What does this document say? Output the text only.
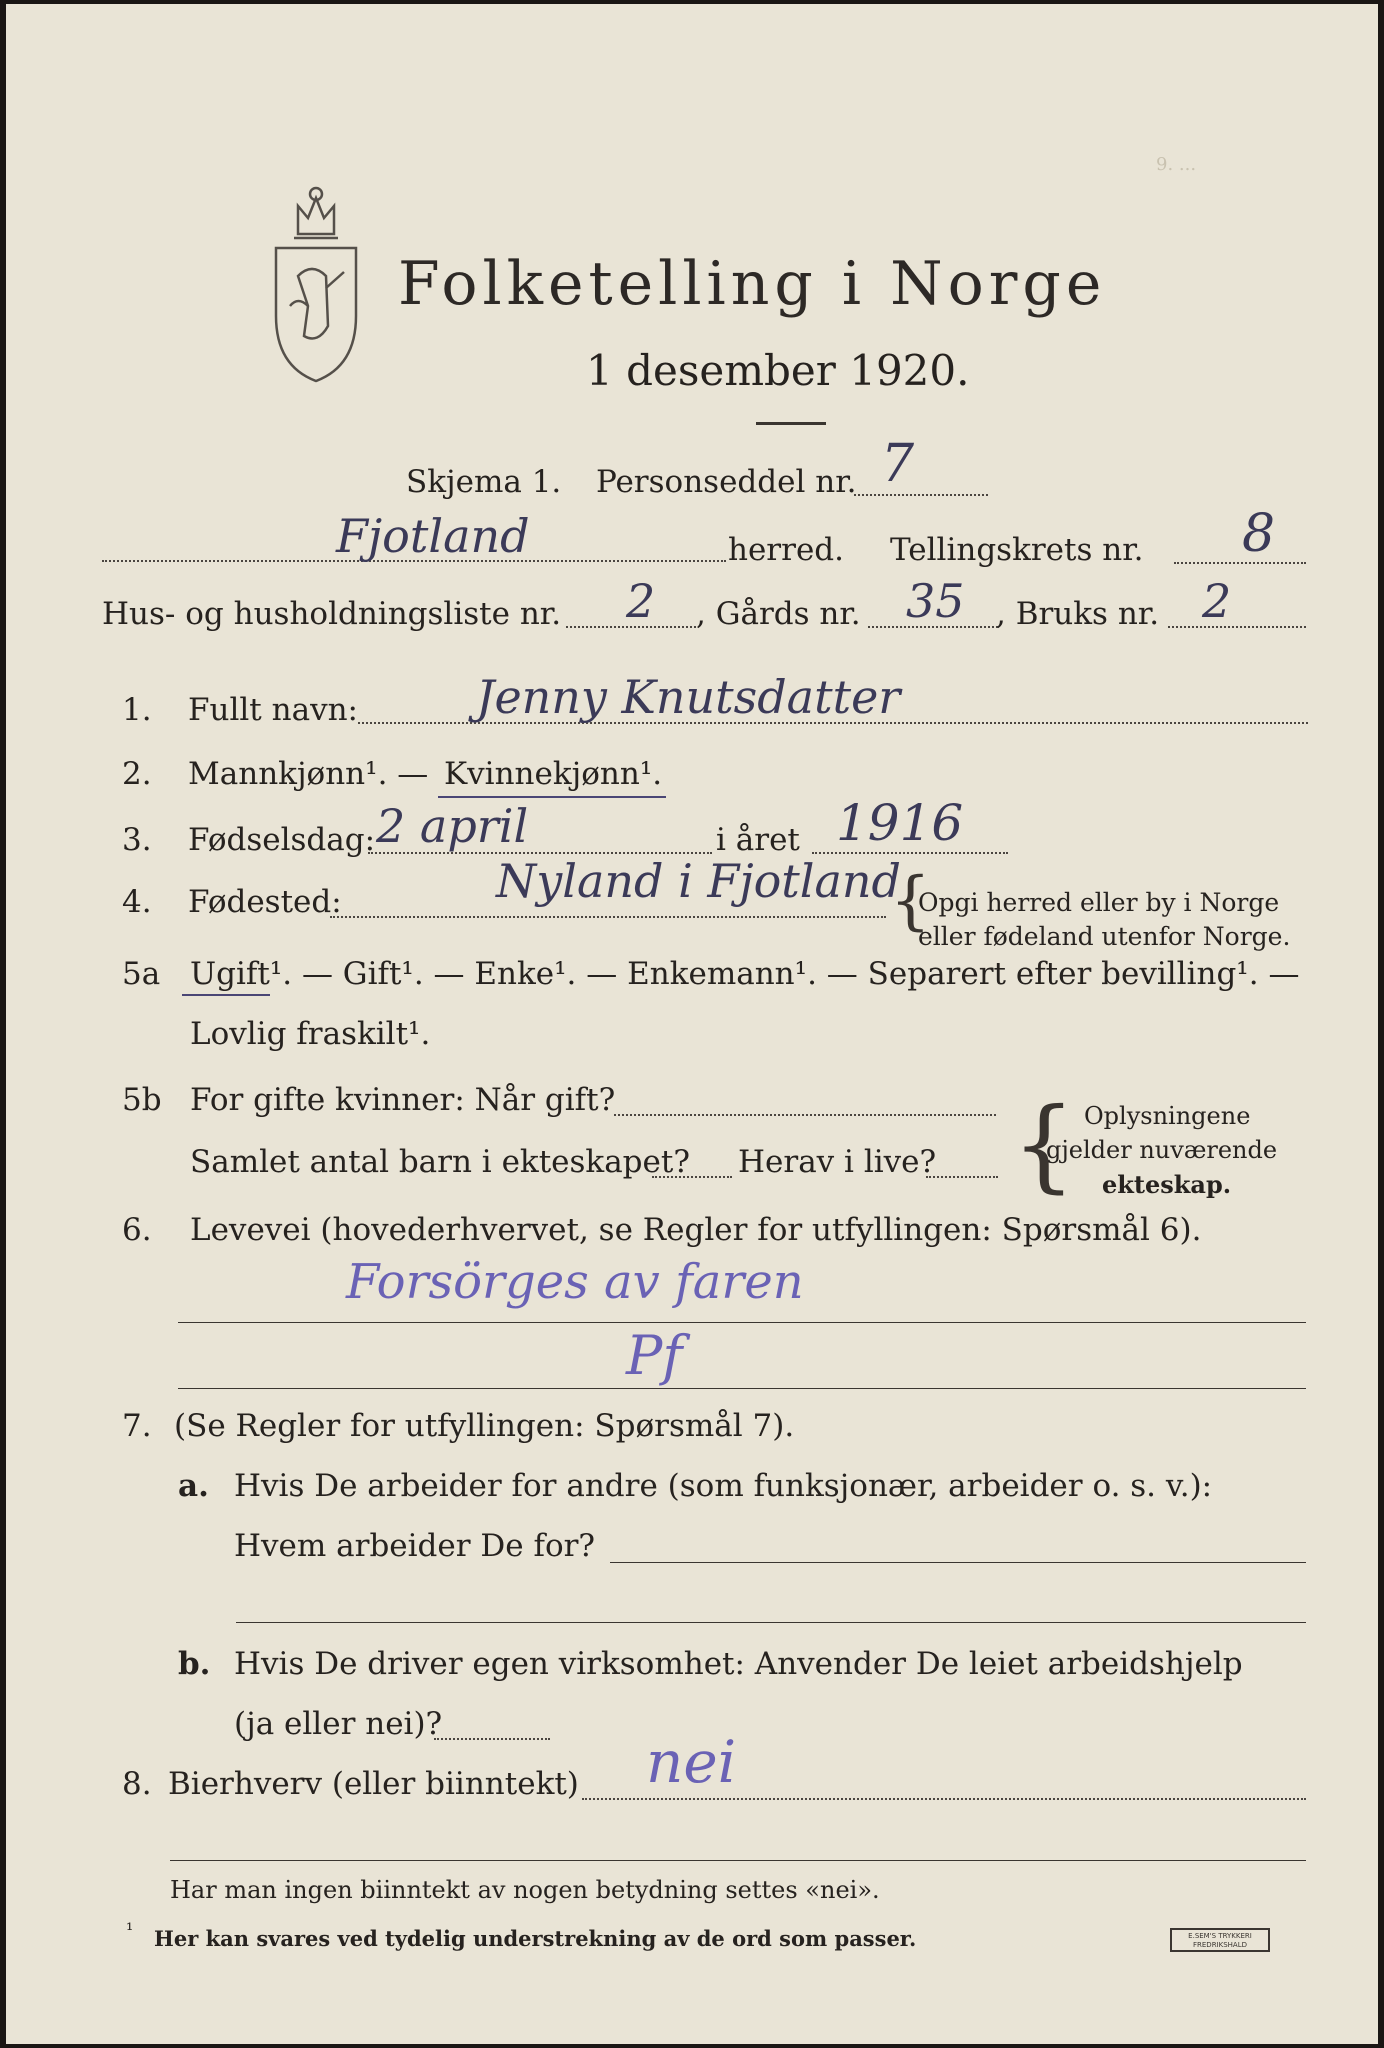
9. ...
Folketelling i Norge
1 desember 1920.
Skjema 1. Personseddel nr. 7
Fjotland	herred. Tellingskrets nr. 8
Hus- og husholdningsliste nr. 2 , Gårds nr. 35 , Bruks nr. 2
1. Fullt navn:	Jenny Knutsdatter
2. Mannkjønn¹. — Kvinnekjønn¹.
3. Fødselsdag: 2 april	i året 1916
4. Fødested:	Nyland i Fjotland
{
Opgi herred eller by i Norge
eller fødeland utenfor Norge.
5a Ugift¹. — Gift¹. — Enke¹. — Enkemann¹. — Separert efter bevilling¹. —
Lovlig fraskilt¹.
5b For gifte kvinner: Når gift?
Samlet antal barn i ekteskapet? Herav i live? { Oplysningene
gjelder nuværende
ekteskap.
6. Levevei (hovederhvervet, se Regler for utfyllingen: Spørsmål 6).
Forsörges av faren
Pf
7. (Se Regler for utfyllingen: Spørsmål 7).
a. Hvis De arbeider for andre (som funksjonær, arbeider o. s. v.):
Hvem arbeider De for?
b. Hvis De driver egen virksomhet: Anvender De leiet arbeidshjelp
(ja eller nei)?
8. Bierhverv (eller biinntekt) nei
Har man ingen biinntekt av nogen betydning settes «nei».
¹ Her kan svares ved tydelig understrekning av de ord som passer.	E.SEM'S TRYKKERI
FREDRIKSHALD
